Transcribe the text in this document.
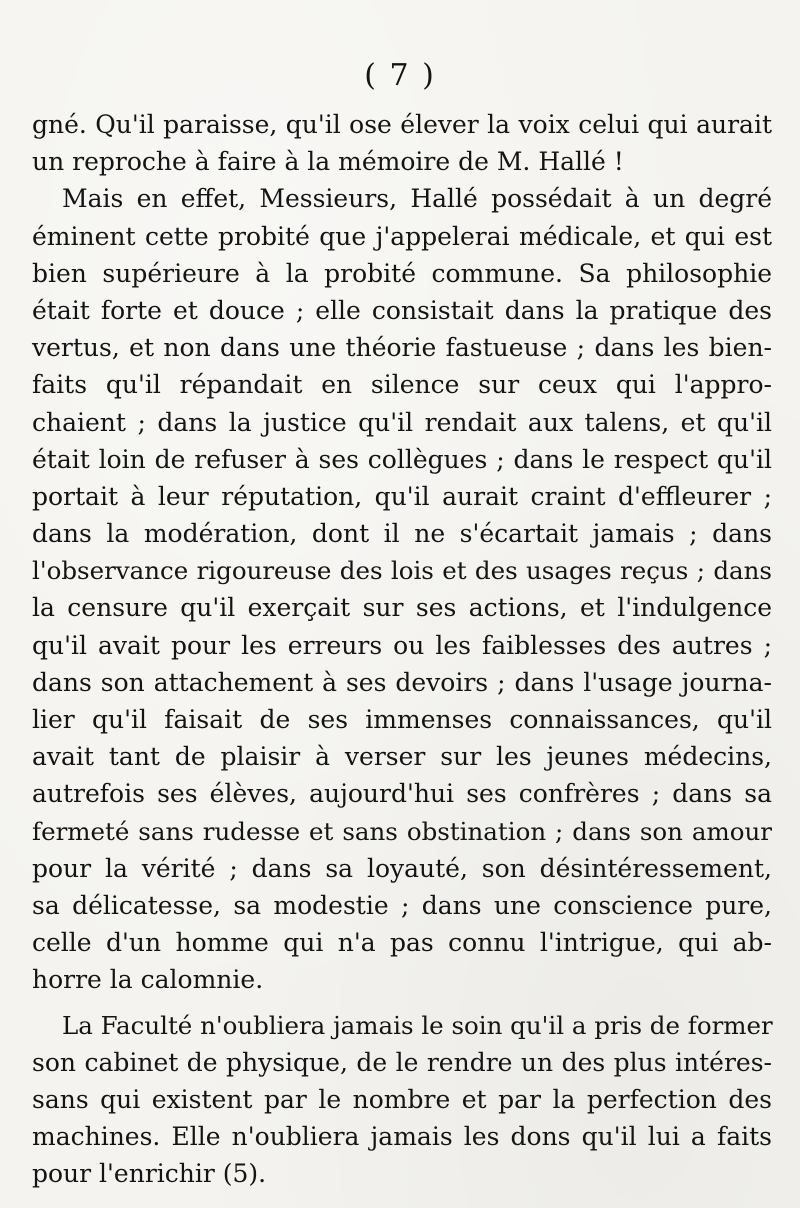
( 7 )
gné. Qu'il paraisse, qu'il ose élever la voix celui qui aurait
un reproche à faire à la mémoire de M. Hallé !
Mais en effet, Messieurs, Hallé possédait à un degré
éminent cette probité que j'appelerai médicale, et qui est
bien supérieure à la probité commune. Sa philosophie
était forte et douce ; elle consistait dans la pratique des
vertus, et non dans une théorie fastueuse ; dans les bien-
faits qu'il répandait en silence sur ceux qui l'appro-
chaient ; dans la justice qu'il rendait aux talens, et qu'il
était loin de refuser à ses collègues ; dans le respect qu'il
portait à leur réputation, qu'il aurait craint d'effleurer ;
dans la modération, dont il ne s'écartait jamais ; dans
l'observance rigoureuse des lois et des usages reçus ; dans
la censure qu'il exerçait sur ses actions, et l'indulgence
qu'il avait pour les erreurs ou les faiblesses des autres ;
dans son attachement à ses devoirs ; dans l'usage journa-
lier qu'il faisait de ses immenses connaissances, qu'il
avait tant de plaisir à verser sur les jeunes médecins,
autrefois ses élèves, aujourd'hui ses confrères ; dans sa
fermeté sans rudesse et sans obstination ; dans son amour
pour la vérité ; dans sa loyauté, son désintéressement,
sa délicatesse, sa modestie ; dans une conscience pure,
celle d'un homme qui n'a pas connu l'intrigue, qui ab-
horre la calomnie.
La Faculté n'oubliera jamais le soin qu'il a pris de former
son cabinet de physique, de le rendre un des plus intéres-
sans qui existent par le nombre et par la perfection des
machines. Elle n'oubliera jamais les dons qu'il lui a faits
pour l'enrichir (5).
